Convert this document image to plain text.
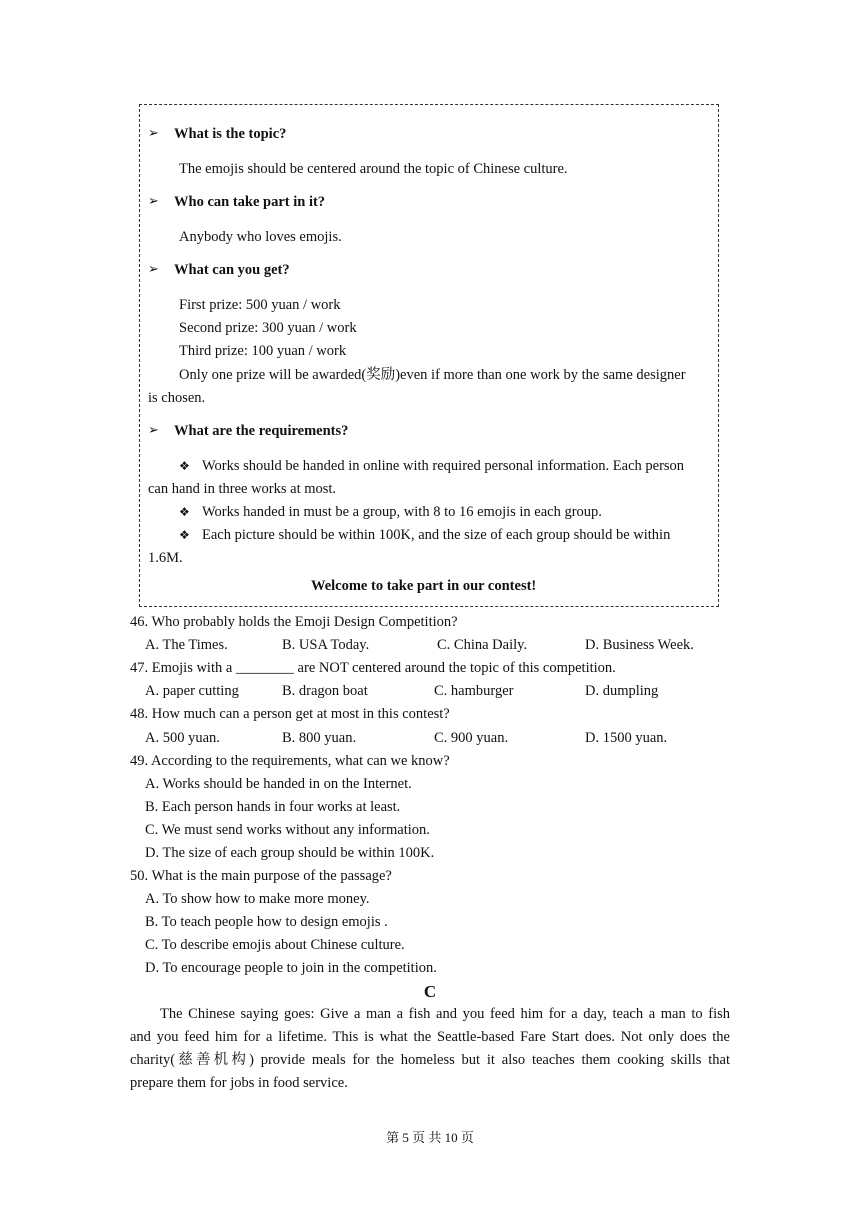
➢ What is the topic?
The emojis should be centered around the topic of Chinese culture.
➢ Who can take part in it?
Anybody who loves emojis.
➢ What can you get?
First prize: 500 yuan / work
Second prize: 300 yuan / work
Third prize: 100 yuan / work
Only one prize will be awarded(奖励)even if more than one work by the same designer
is chosen.
➢ What are the requirements?
❖ Works should be handed in online with required personal information. Each person
can hand in three works at most.
❖ Works handed in must be a group, with 8 to 16 emojis in each group.
❖ Each picture should be within 100K, and the size of each group should be within
1.6M.
Welcome to take part in our contest!
46. Who probably holds the Emoji Design Competition?
A. The Times.	B. USA Today.	C. China Daily.	D. Business Week.
47. Emojis with a ________ are NOT centered around the topic of this competition.
A. paper cutting	B. dragon boat	C. hamburger	D. dumpling
48. How much can a person get at most in this contest?
A. 500 yuan.	B. 800 yuan.	C. 900 yuan.	D. 1500 yuan.
49. According to the requirements, what can we know?
A. Works should be handed in on the Internet.
B. Each person hands in four works at least.
C. We must send works without any information.
D. The size of each group should be within 100K.
50. What is the main purpose of the passage?
A. To show how to make more money.
B. To teach people how to design emojis .
C. To describe emojis about Chinese culture.
D. To encourage people to join in the competition.
C
The Chinese saying goes: Give a man a fish and you feed him for a day, teach a man to fish
and you feed him for a lifetime. This is what the Seattle-based Fare Start does. Not only does the
charity(慈善机构) provide meals for the homeless but it also teaches them cooking skills that
prepare them for jobs in food service.
第 5 页 共 10 页
